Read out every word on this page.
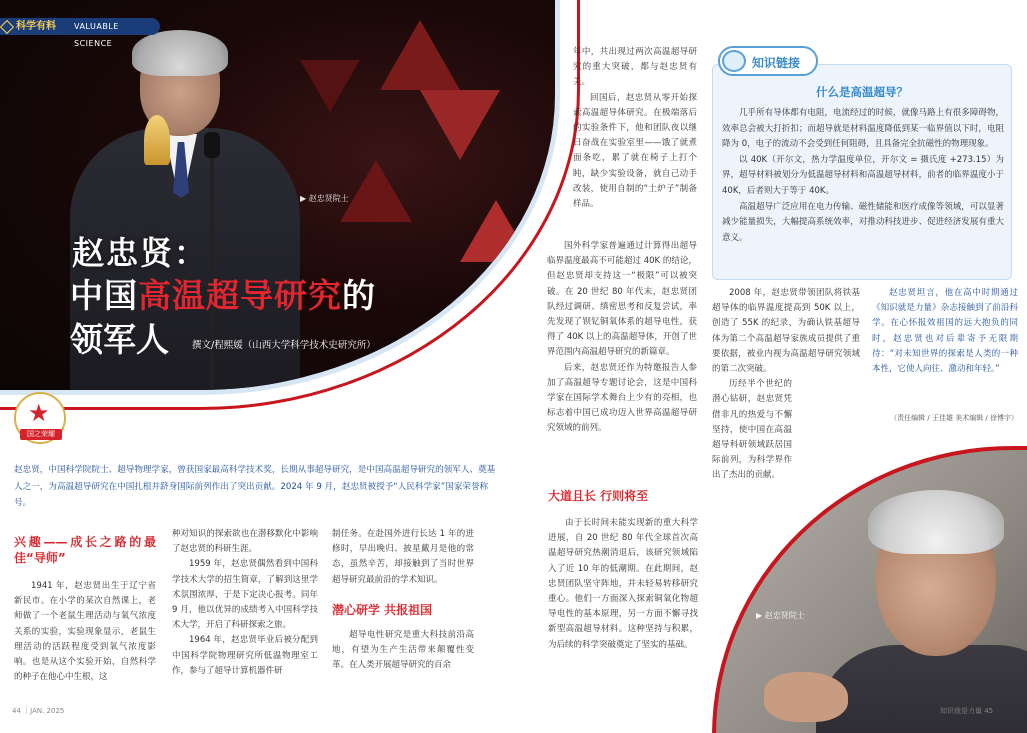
▶ 赵忠贤院士
科学有料 VALUABLE SCIENCE
赵忠贤：
中国高温超导研究的
领军人 撰文/程熙媛（山西大学科学技术史研究所）
★
国之荣耀
赵忠贤，中国科学院院士、超导物理学家，曾获国家最高科学技术奖，长期从事超导研究，是中国高温超导研究的领军人、奠基人之一，为高温超导研究在中国扎根并跻身国际前列作出了突出贡献。2024 年 9 月，赵忠贤被授予“人民科学家”国家荣誉称号。
兴趣——成长之路的最佳“导师”

1941 年，赵忠贤出生于辽宁省新民市。在小学的某次自然课上，老师做了一个老鼠生理活动与氧气浓度关系的实验，实验现象显示，老鼠生理活动的活跃程度受到氧气浓度影响。也是从这个实验开始，自然科学的种子在他心中生根，这

种对知识的探索欲也在潜移默化中影响了赵忠贤的科研生涯。

1959 年，赵忠贤偶然看到中国科学技术大学的招生简章，了解到这里学术氛围浓厚，于是下定决心报考。同年 9 月，他以优异的成绩考入中国科学技术大学，开启了科研探索之旅。

1964 年，赵忠贤毕业后被分配到中国科学院物理研究所低温物理室工作，参与了超导计算机器件研

制任务。在赴国外进行长达 1 年的进修时，早出晚归、披星戴月是他的常态，虽然辛苦，却接触到了当时世界超导研究最前沿的学术知识。

潜心研学 共报祖国

超导电性研究是重大科技前沿高地，有望为生产生活带来颠覆性变革。在人类开展超导研究的百余

年中，共出现过两次高温超导研究的重大突破，都与赵忠贤有关。

回国后，赵忠贤从零开始探索高温超导体研究。在极端落后的实验条件下，他和团队夜以继日奋战在实验室里——饿了就煮面条吃，累了就在椅子上打个盹，缺少实验设备，就自己动手改装，使用自制的“土炉子”制备样品。

国外科学家普遍通过计算得出超导临界温度最高不可能超过 40K 的结论，但赵忠贤却支持这一“极限”可以被突破。在 20 世纪 80 年代末，赵忠贤团队经过调研、缜密思考和反复尝试，率先发现了钡钇铜氧体系的超导电性，获得了 40K 以上的高温超导体，开创了世界范围内高温超导研究的新篇章。

后来，赵忠贤还作为特邀报告人参加了高温超导专题讨论会，这是中国科学家在国际学术舞台上少有的亮相，也标志着中国已成功迈入世界高温超导研究领域的前列。

大道且长 行则将至

由于长时间未能实现新的重大科学进展，自 20 世纪 80 年代全球首次高温超导研究热潮消退后，该研究领域陷入了近 10 年的低潮期。在此期间，赵忠贤团队坚守阵地，并未轻易转移研究重心。他们一方面深入探索铜氧化物超导电性的基本原理，另一方面不懈寻找新型高温超导材料。这种坚持与积累，为后续的科学突破奠定了坚实的基础。

知识链接
什么是高温超导？

几乎所有导体都有电阻，电流经过的时候，就像马路上有很多障碍物，效率总会被大打折扣；而超导就是材料温度降低到某一临界值以下时，电阻降为 0，电子的流动不会受到任何阻碍，且具备完全抗磁性的物理现象。

以 40K（开尔文，热力学温度单位，开尔文 = 摄氏度 +273.15）为界，超导材料被划分为低温超导材料和高温超导材料，前者的临界温度小于 40K，后者则大于等于 40K。

高温超导广泛应用在电力传输、磁性储能和医疗成像等领域，可以显著减少能量损失，大幅提高系统效率，对推动科技进步、促进经济发展有重大意义。

2008 年，赵忠贤带领团队将铁基超导体的临界温度提高到 50K 以上，创造了 55K 的纪录，为确认铁基超导体为第二个高温超导家族成员提供了重要依据，被业内视为高温超导研究领域的第二次突破。

历经半个世纪的潜心钻研，赵忠贤凭借非凡的热爱与不懈坚持，使中国在高温超导科研领域跃居国际前列，为科学界作出了杰出的贡献。

赵忠贤坦言，他在高中时期通过《知识就是力量》杂志接触到了前沿科学。在心怀报效祖国的远大抱负的同时，赵忠贤也对后辈寄予无限期待：“对未知世界的探索是人类的一种本性，它使人向往、激动和年轻。”

（责任编辑 / 王佳雄 美术编辑 / 徐博宇）
▶ 赵忠贤院士
44 ｜JAN. 2025	知识就是力量 45
